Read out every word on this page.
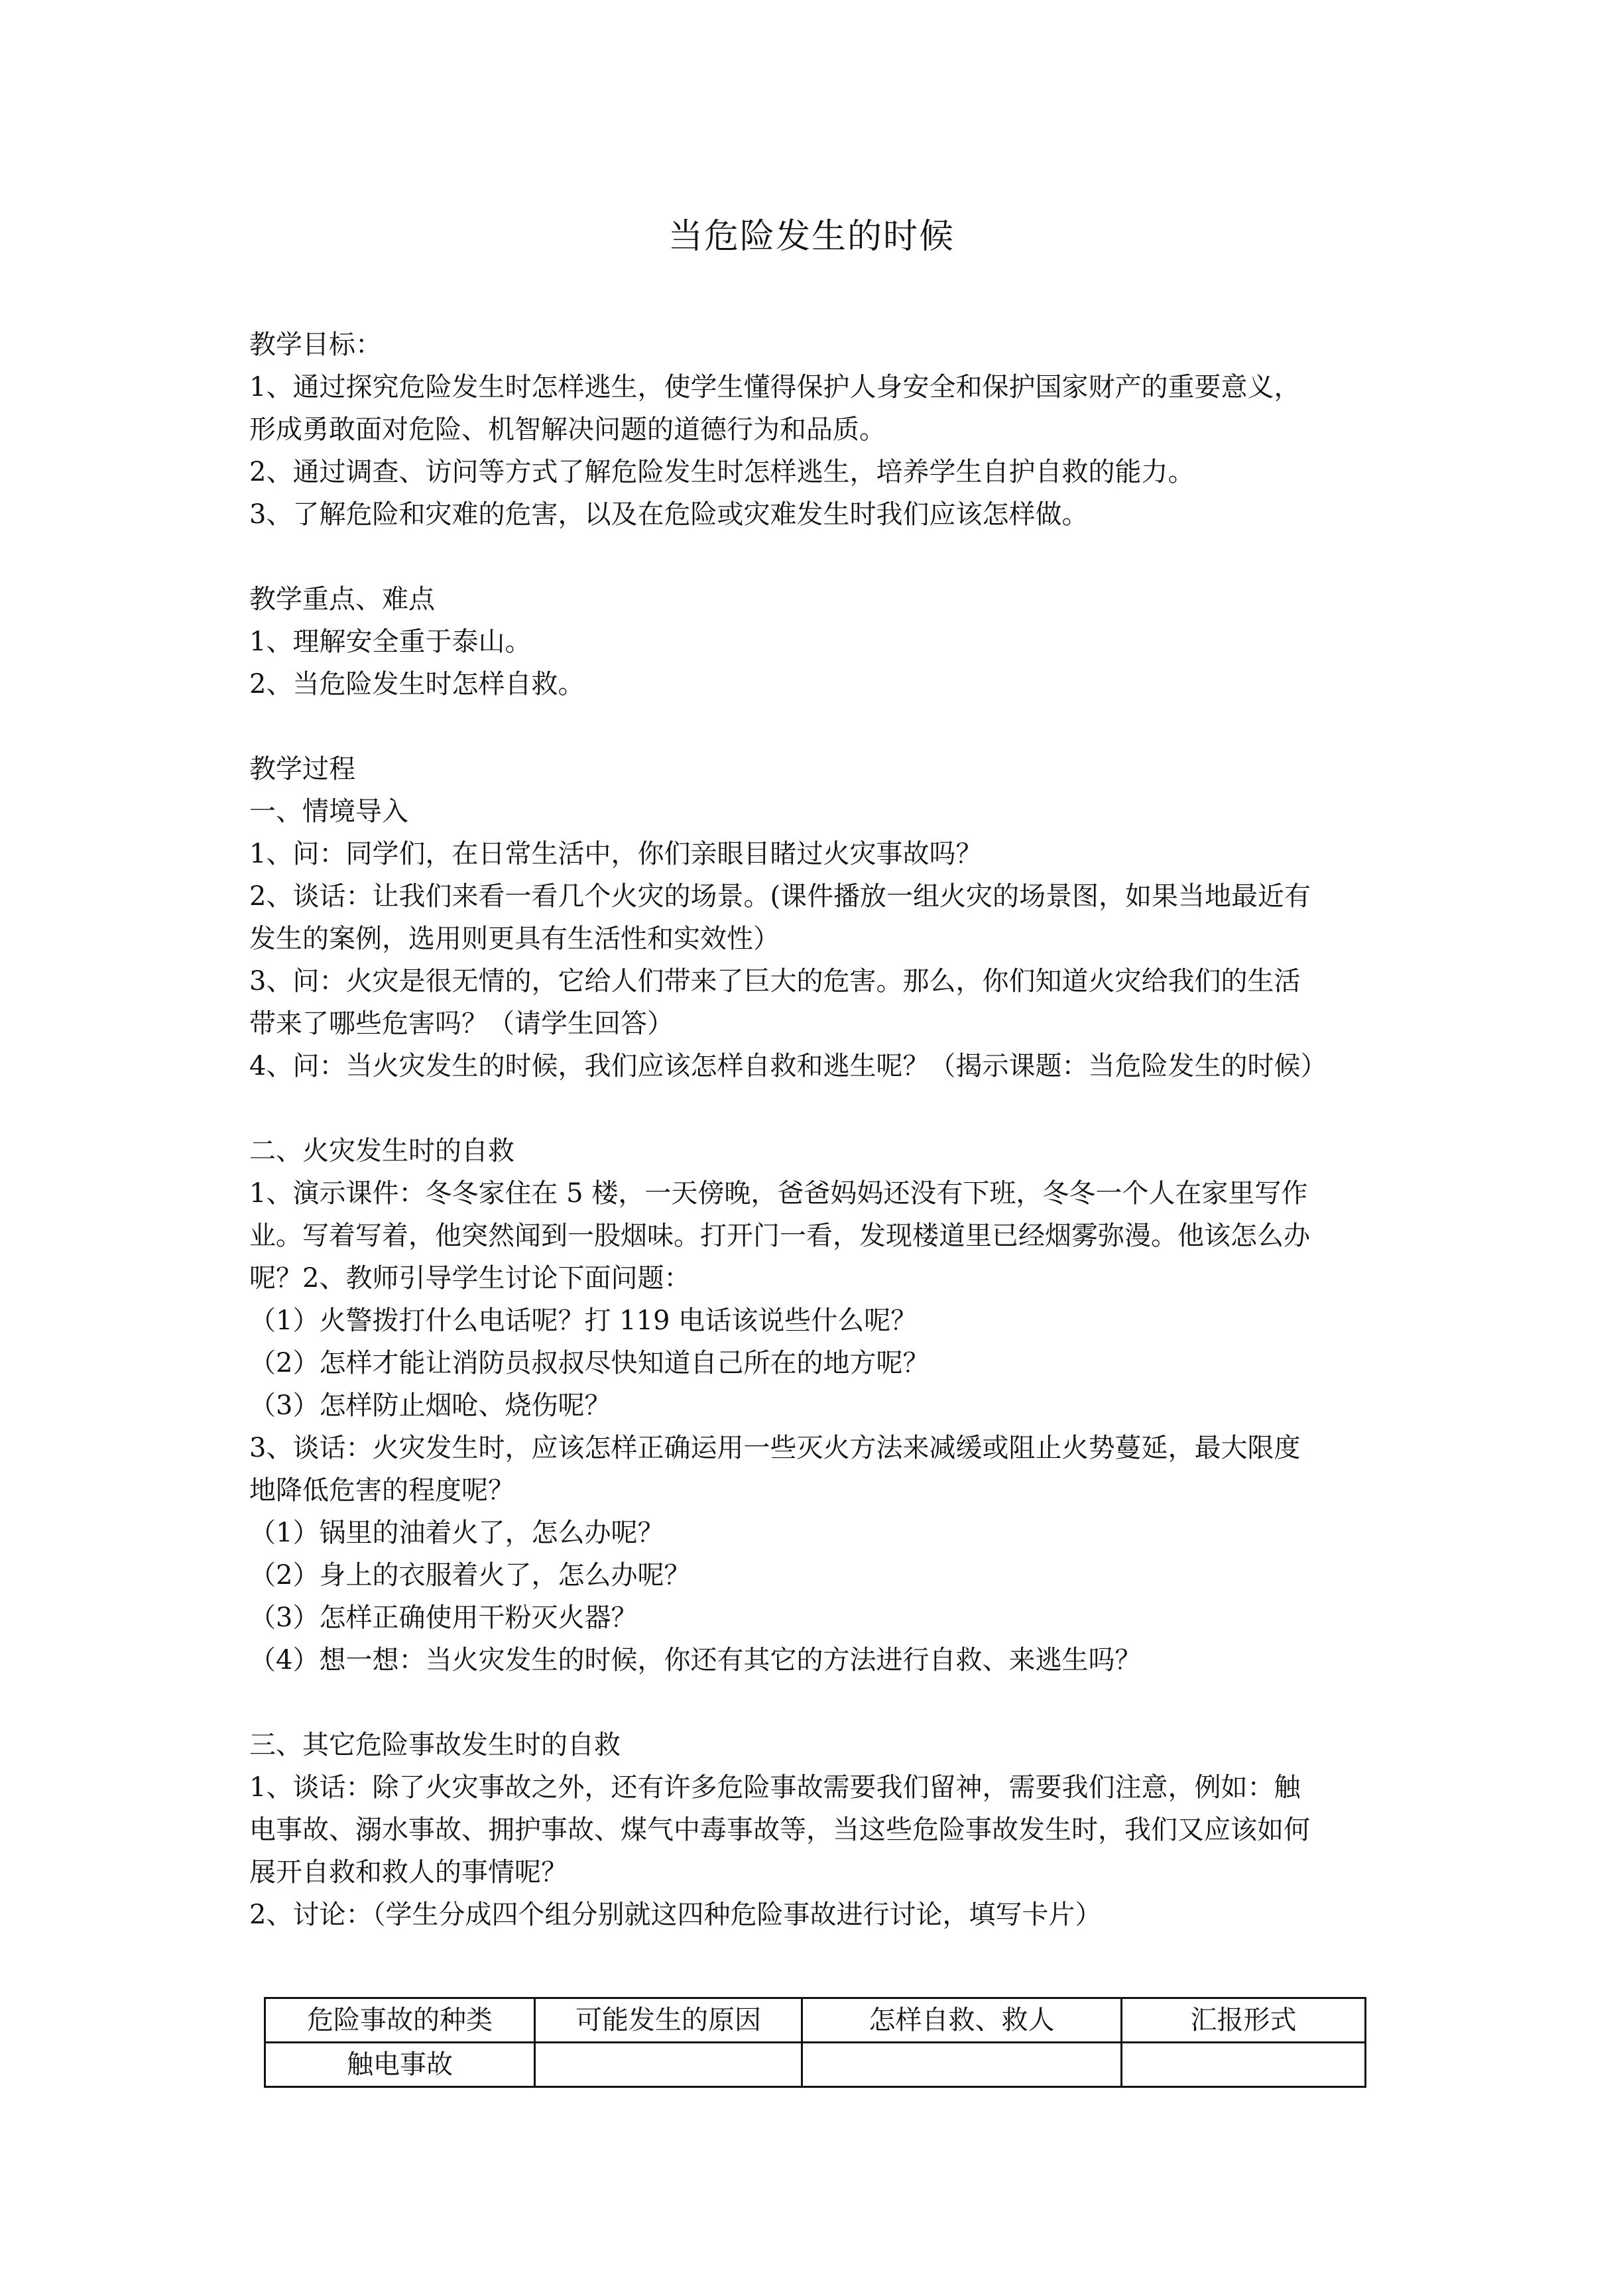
当危险发生的时候
教学目标：
1、通过探究危险发生时怎样逃生，使学生懂得保护人身安全和保护国家财产的重要意义，
形成勇敢面对危险、机智解决问题的道德行为和品质。
2、通过调查、访问等方式了解危险发生时怎样逃生，培养学生自护自救的能力。
3、了解危险和灾难的危害，以及在危险或灾难发生时我们应该怎样做。
教学重点、难点
1、理解安全重于泰山。
2、当危险发生时怎样自救。
教学过程
一、情境导入
1、问：同学们，在日常生活中，你们亲眼目睹过火灾事故吗？
2、谈话：让我们来看一看几个火灾的场景。(课件播放一组火灾的场景图，如果当地最近有
发生的案例，选用则更具有生活性和实效性）
3、问：火灾是很无情的，它给人们带来了巨大的危害。那么，你们知道火灾给我们的生活
带来了哪些危害吗？（请学生回答）
4、问：当火灾发生的时候，我们应该怎样自救和逃生呢？（揭示课题：当危险发生的时候）
二、火灾发生时的自救
1、演示课件：冬冬家住在 5 楼，一天傍晚，爸爸妈妈还没有下班，冬冬一个人在家里写作
业。写着写着，他突然闻到一股烟味。打开门一看，发现楼道里已经烟雾弥漫。他该怎么办
呢？2、教师引导学生讨论下面问题：
（1）火警拨打什么电话呢？打 119 电话该说些什么呢？
（2）怎样才能让消防员叔叔尽快知道自己所在的地方呢？
（3）怎样防止烟呛、烧伤呢？
3、谈话：火灾发生时，应该怎样正确运用一些灭火方法来减缓或阻止火势蔓延，最大限度
地降低危害的程度呢？
（1）锅里的油着火了，怎么办呢？
（2）身上的衣服着火了，怎么办呢？
（3）怎样正确使用干粉灭火器？
（4）想一想：当火灾发生的时候，你还有其它的方法进行自救、来逃生吗？
三、其它危险事故发生时的自救
1、谈话：除了火灾事故之外，还有许多危险事故需要我们留神，需要我们注意，例如：触
电事故、溺水事故、拥护事故、煤气中毒事故等，当这些危险事故发生时，我们又应该如何
展开自救和救人的事情呢？
2、讨论：（学生分成四个组分别就这四种危险事故进行讨论，填写卡片）
危险事故的种类	可能发生的原因	怎样自救、救人	汇报形式
触电事故			
